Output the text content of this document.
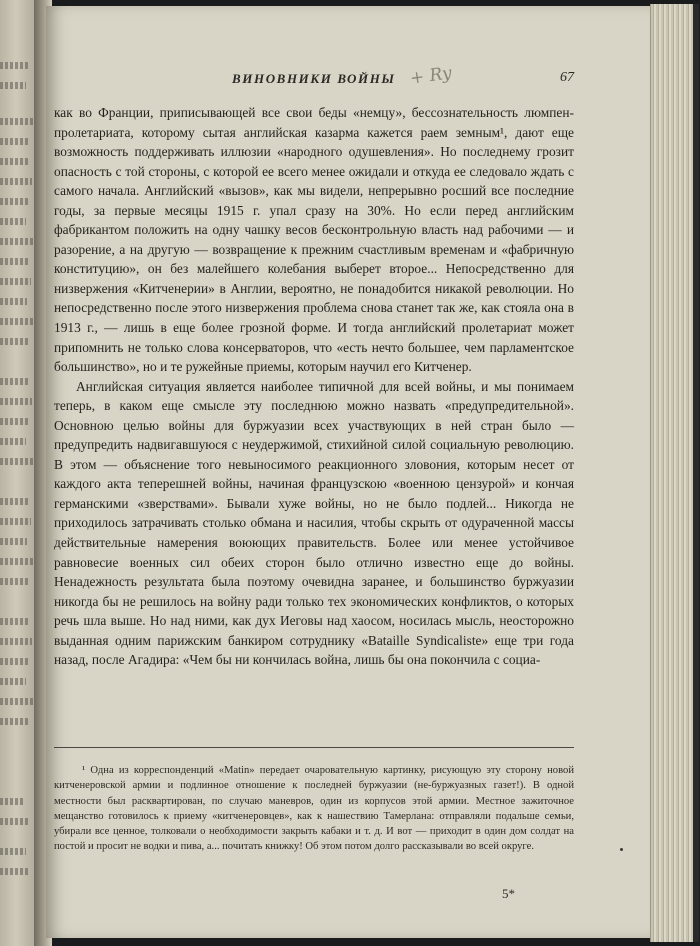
ВИНОВНИКИ ВОЙНЫ + Ry	67

как во Франции, приписывающей все свои беды «немцу», бессознательность люмпен-пролетариата, которому сытая английская казарма кажется раем земным¹, дают еще возможность поддерживать иллюзии «народного одушевления». Но последнему грозит опасность с той стороны, с которой ее всего менее ожидали и откуда ее следовало ждать с самого начала. Английский «вызов», как мы видели, непрерывно росший все последние годы, за первые месяцы 1915 г. упал сразу на 30%. Но если перед английским фабрикантом положить на одну чашку весов бесконтрольную власть над рабочими — и разорение, а на другую — возвращение к прежним счастливым временам и «фабричную конституцию», он без малейшего колебания выберет второе... Непосредственно для низвержения «Китченерии» в Англии, вероятно, не понадобится никакой революции. Но непосредственно после этого низвержения проблема снова станет так же, как стояла она в 1913 г., — лишь в еще более грозной форме. И тогда английский пролетариат может припомнить не только слова консерваторов, что «есть нечто большее, чем парламентское большинство», но и те ружейные приемы, которым научил его Китченер.

Английская ситуация является наиболее типичной для всей войны, и мы понимаем теперь, в каком еще смысле эту последнюю можно назвать «предупредительной». Основною целью войны для буржуазии всех участвующих в ней стран было — предупредить надвигавшуюся с неудержимой, стихийной силой социальную революцию. В этом — объяснение того невыносимого реакционного зловония, которым несет от каждого акта теперешней войны, начиная французскою «военною цензурой» и кончая германскими «зверствами». Бывали хуже войны, но не было подлей... Никогда не приходилось затрачивать столько обмана и насилия, чтобы скрыть от одураченной массы действительные намерения воюющих правительств. Более или менее устойчивое равновесие военных сил обеих сторон было отлично известно еще до войны. Ненадежность результата была поэтому очевидна заранее, и большинство буржуазии никогда бы не решилось на войну ради только тех экономических конфликтов, о которых речь шла выше. Но над ними, как дух Иеговы над хаосом, носилась мысль, неосторожно выданная одним парижским банкиром сотруднику «Bataille Syndicaliste» еще три года назад, после Агадира: «Чем бы ни кончилась война, лишь бы она покончила с социа-

¹ Одна из корреспонденций «Matin» передает очаровательную картинку, рисующую эту сторону новой китченеровской армии и подлинное отношение к последней буржуазии (не-буржуазных газет!). В одной местности был расквартирован, по случаю маневров, один из корпусов этой армии. Местное зажиточное мещанство готовилось к приему «китченеровцев», как к нашествию Тамерлана: отправляли подальше семьи, убирали все ценное, толковали о необходимости закрыть кабаки и т. д. И вот — приходит в один дом солдат на постой и просит не водки и пива, а... почитать книжку! Об этом потом долго рассказывали во всей округе.

5*
